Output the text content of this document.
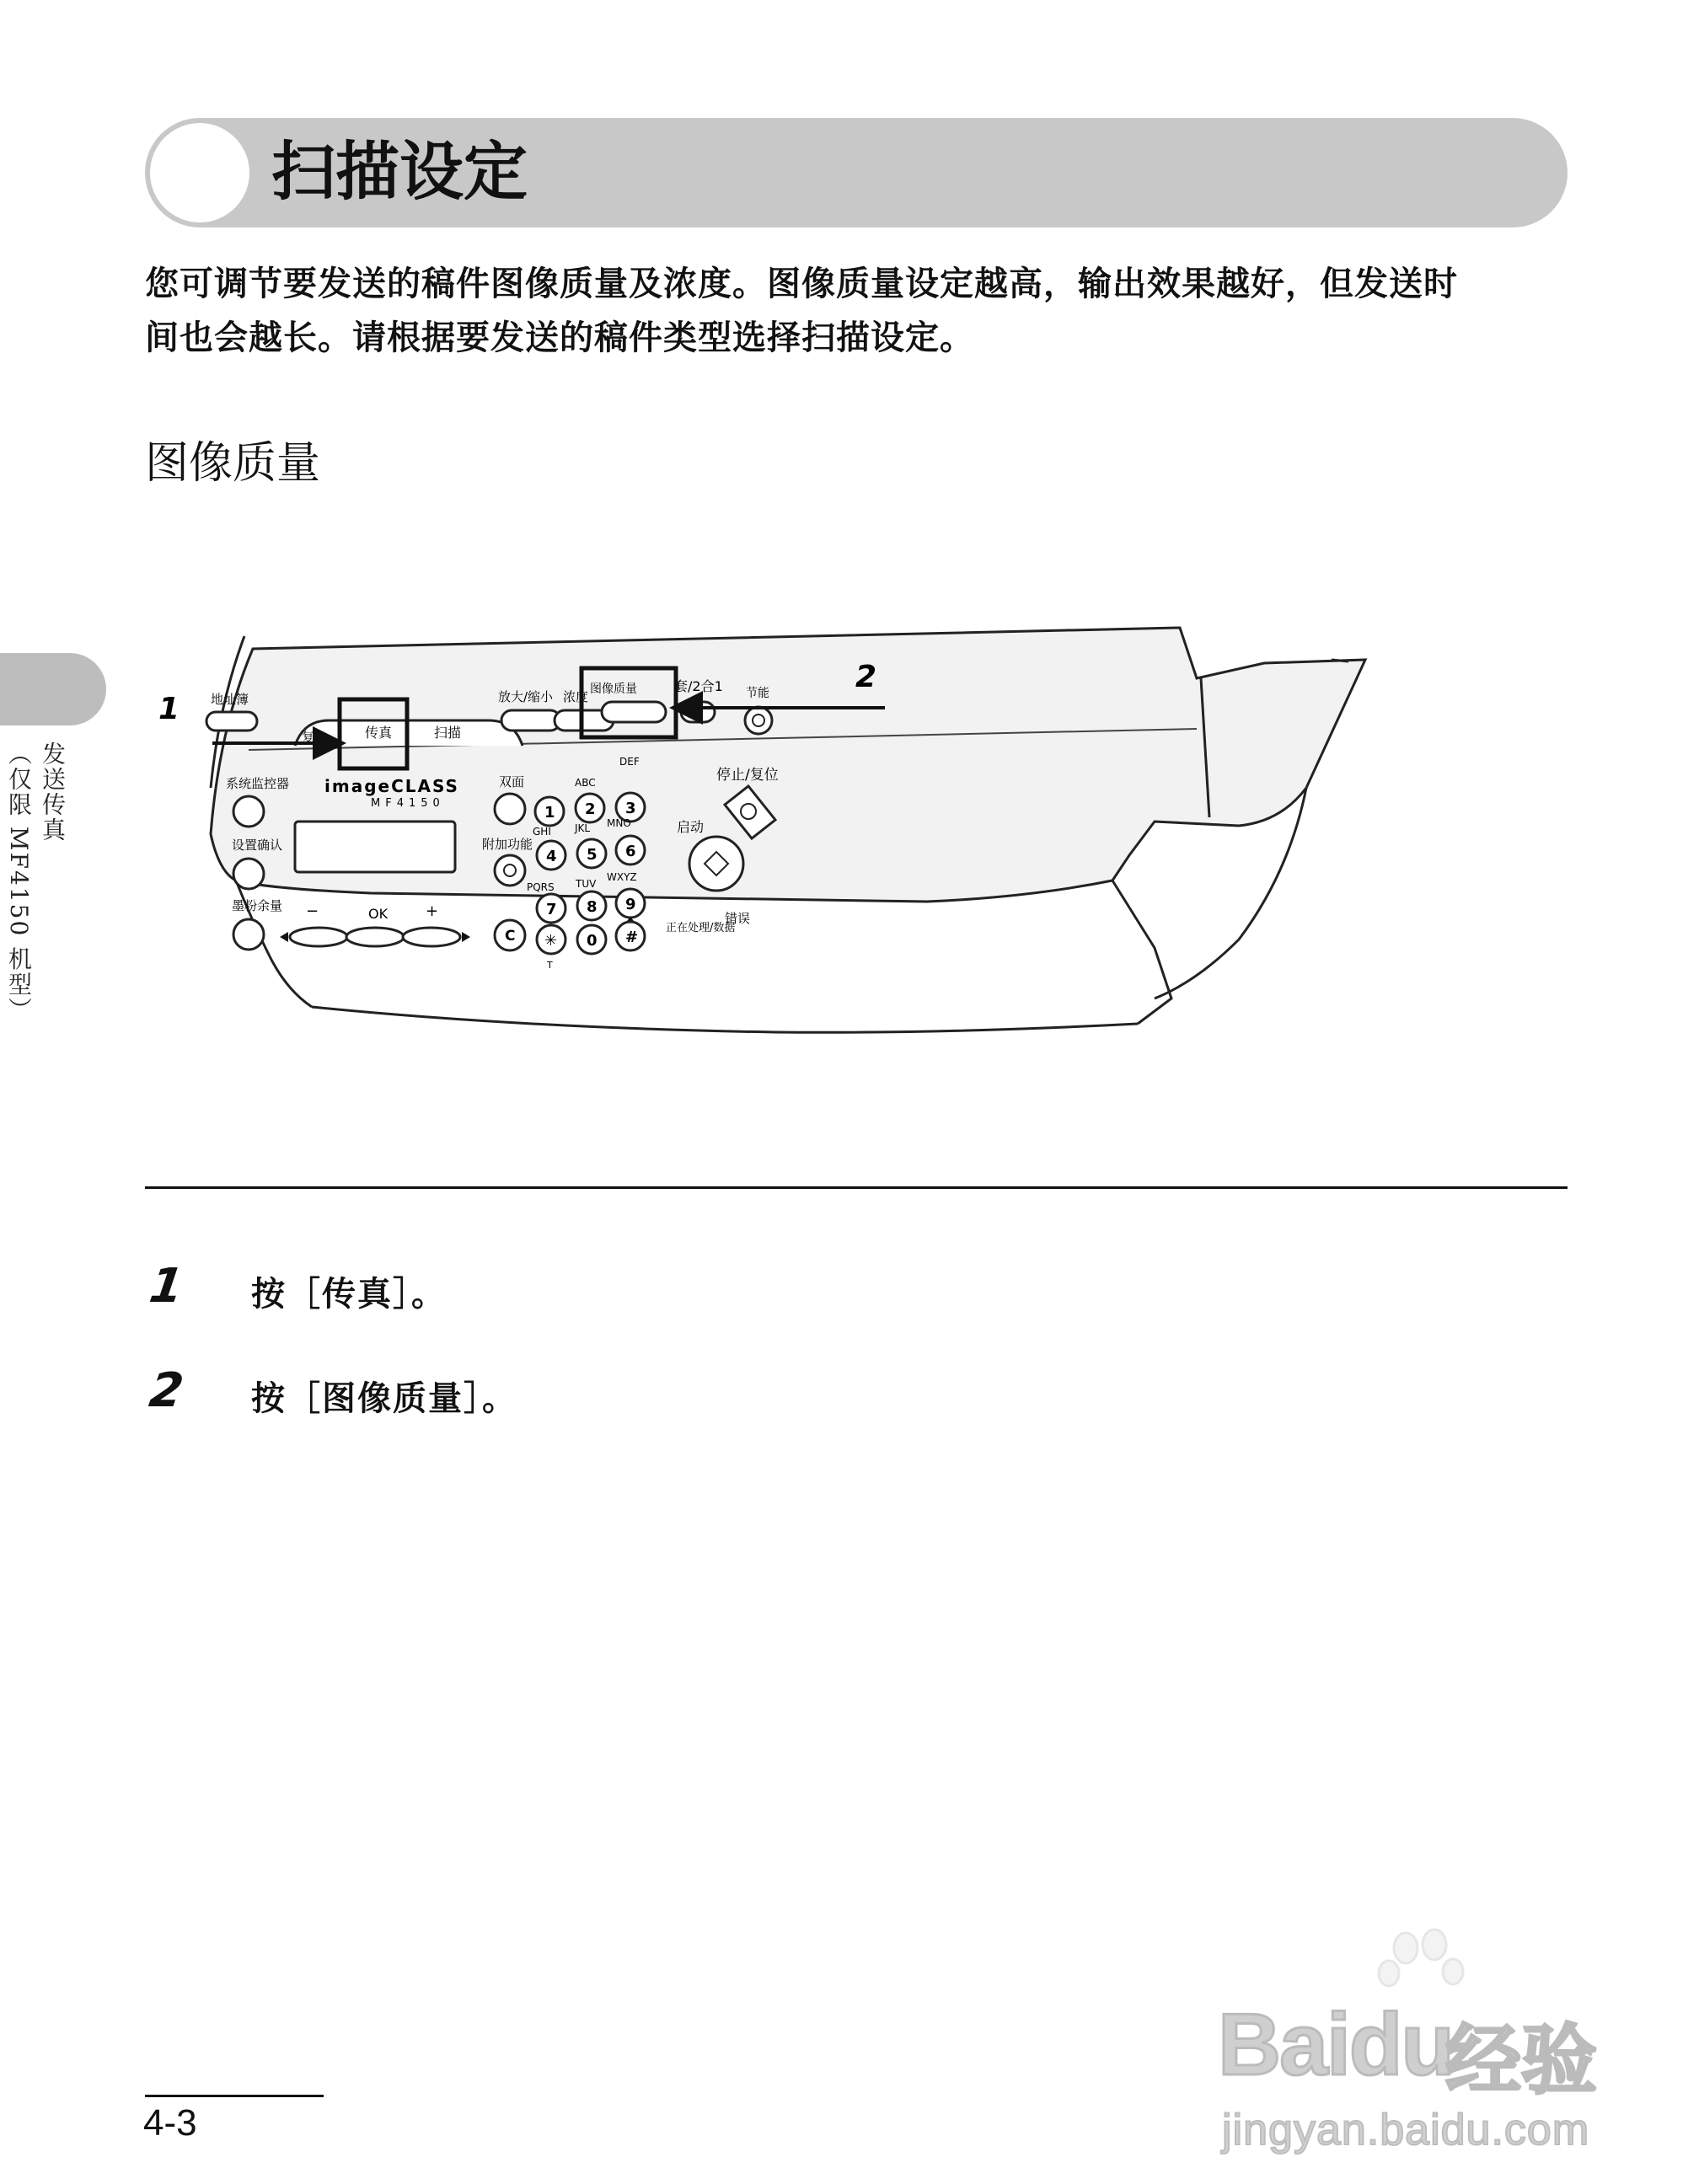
扫描设定
您可调节要发送的稿件图像质量及浓度。图像质量设定越高，输出效果越好，但发送时
间也会越长。请根据要发送的稿件类型选择扫描设定。
图像质量
发送传真
（仅限 MF4150 机型）
地址簿
复	传真	扫描
放大/缩小 浓度 图像质量	套/2合1 节能
系统监控器
设置确认
墨粉余量
imageCLASS
MF4150
−	OK +
双面
附加功能
C
1
ABC
2
DEF
3
GHI
4
JKL
5
MNO
6
PQRS
7
TUV
8
WXYZ
9
✳
T
0 #
停止/复位
启动
正在处理/数据
错误
1
2
1 按［传真］。
2 按［图像质量］。
Baidu
经验
jingyan.baidu.com
4-3
